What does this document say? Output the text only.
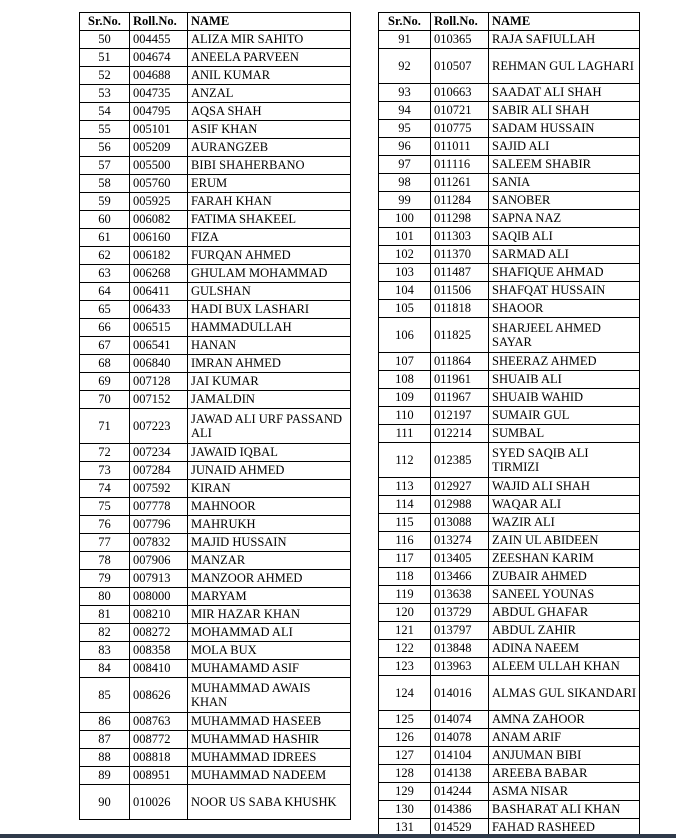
Sr.No.	Roll.No.	NAME
50	004455	ALIZA MIR SAHITO
51	004674	ANEELA PARVEEN
52	004688	ANIL KUMAR
53	004735	ANZAL
54	004795	AQSA SHAH
55	005101	ASIF KHAN
56	005209	AURANGZEB
57	005500	BIBI SHAHERBANO
58	005760	ERUM
59	005925	FARAH KHAN
60	006082	FATIMA SHAKEEL
61	006160	FIZA
62	006182	FURQAN AHMED
63	006268	GHULAM MOHAMMAD
64	006411	GULSHAN
65	006433	HADI BUX LASHARI
66	006515	HAMMADULLAH
67	006541	HANAN
68	006840	IMRAN AHMED
69	007128	JAI KUMAR
70	007152	JAMALDIN
71	007223	JAWAD ALI URF PASSAND ALI
72	007234	JAWAID IQBAL
73	007284	JUNAID AHMED
74	007592	KIRAN
75	007778	MAHNOOR
76	007796	MAHRUKH
77	007832	MAJID HUSSAIN
78	007906	MANZAR
79	007913	MANZOOR AHMED
80	008000	MARYAM
81	008210	MIR HAZAR KHAN
82	008272	MOHAMMAD ALI
83	008358	MOLA BUX
84	008410	MUHAMAMD ASIF
85	008626	MUHAMMAD AWAIS KHAN
86	008763	MUHAMMAD HASEEB
87	008772	MUHAMMAD HASHIR
88	008818	MUHAMMAD IDREES
89	008951	MUHAMMAD NADEEM
90	010026	NOOR US SABA KHUSHK
Sr.No.	Roll.No.	NAME
91	010365	RAJA SAFIULLAH
92	010507	REHMAN GUL LAGHARI
93	010663	SAADAT ALI SHAH
94	010721	SABIR ALI SHAH
95	010775	SADAM HUSSAIN
96	011011	SAJID ALI
97	011116	SALEEM SHABIR
98	011261	SANIA
99	011284	SANOBER
100	011298	SAPNA NAZ
101	011303	SAQIB ALI
102	011370	SARMAD ALI
103	011487	SHAFIQUE AHMAD
104	011506	SHAFQAT HUSSAIN
105	011818	SHAOOR
106	011825	SHARJEEL AHMED SAYAR
107	011864	SHEERAZ AHMED
108	011961	SHUAIB ALI
109	011967	SHUAIB WAHID
110	012197	SUMAIR GUL
111	012214	SUMBAL
112	012385	SYED SAQIB ALI TIRMIZI
113	012927	WAJID ALI SHAH
114	012988	WAQAR ALI
115	013088	WAZIR ALI
116	013274	ZAIN UL ABIDEEN
117	013405	ZEESHAN KARIM
118	013466	ZUBAIR AHMED
119	013638	SANEEL YOUNAS
120	013729	ABDUL GHAFAR
121	013797	ABDUL ZAHIR
122	013848	ADINA NAEEM
123	013963	ALEEM ULLAH KHAN
124	014016	ALMAS GUL SIKANDARI
125	014074	AMNA ZAHOOR
126	014078	ANAM ARIF
127	014104	ANJUMAN BIBI
128	014138	AREEBA BABAR
129	014244	ASMA NISAR
130	014386	BASHARAT ALI KHAN
131	014529	FAHAD RASHEED
